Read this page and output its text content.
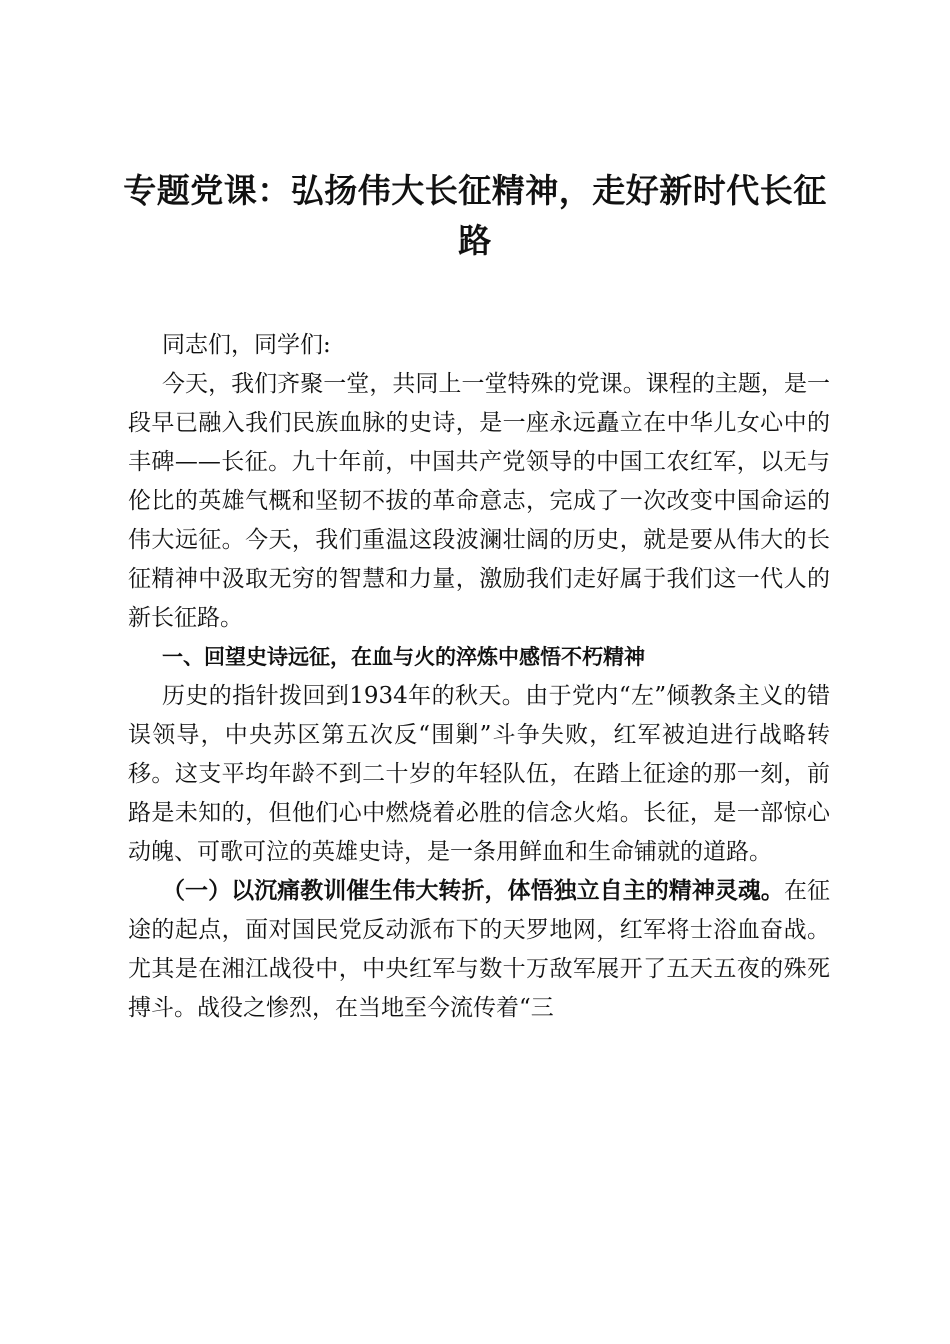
专题党课：弘扬伟大长征精神，走好新时代长征路

同志们，同学们:

今天，我们齐聚一堂，共同上一堂特殊的党课。课程的主题，是一段早已融入我们民族血脉的史诗，是一座永远矗立在中华儿女心中的丰碑——长征。九十年前，中国共产党领导的中国工农红军，以无与伦比的英雄气概和坚韧不拔的革命意志，完成了一次改变中国命运的伟大远征。今天，我们重温这段波澜壮阔的历史，就是要从伟大的长征精神中汲取无穷的智慧和力量，激励我们走好属于我们这一代人的新长征路。

一、回望史诗远征，在血与火的淬炼中感悟不朽精神

历史的指针拨回到1934年的秋天。由于党内“左”倾教条主义的错误领导，中央苏区第五次反“围剿”斗争失败，红军被迫进行战略转移。这支平均年龄不到二十岁的年轻队伍，在踏上征途的那一刻，前路是未知的，但他们心中燃烧着必胜的信念火焰。长征，是一部惊心动魄、可歌可泣的英雄史诗，是一条用鲜血和生命铺就的道路。

（一）以沉痛教训催生伟大转折，体悟独立自主的精神灵魂。在征途的起点，面对国民党反动派布下的天罗地网，红军将士浴血奋战。尤其是在湘江战役中，中央红军与数十万敌军展开了五天五夜的殊死搏斗。战役之惨烈，在当地至今流传着“三
